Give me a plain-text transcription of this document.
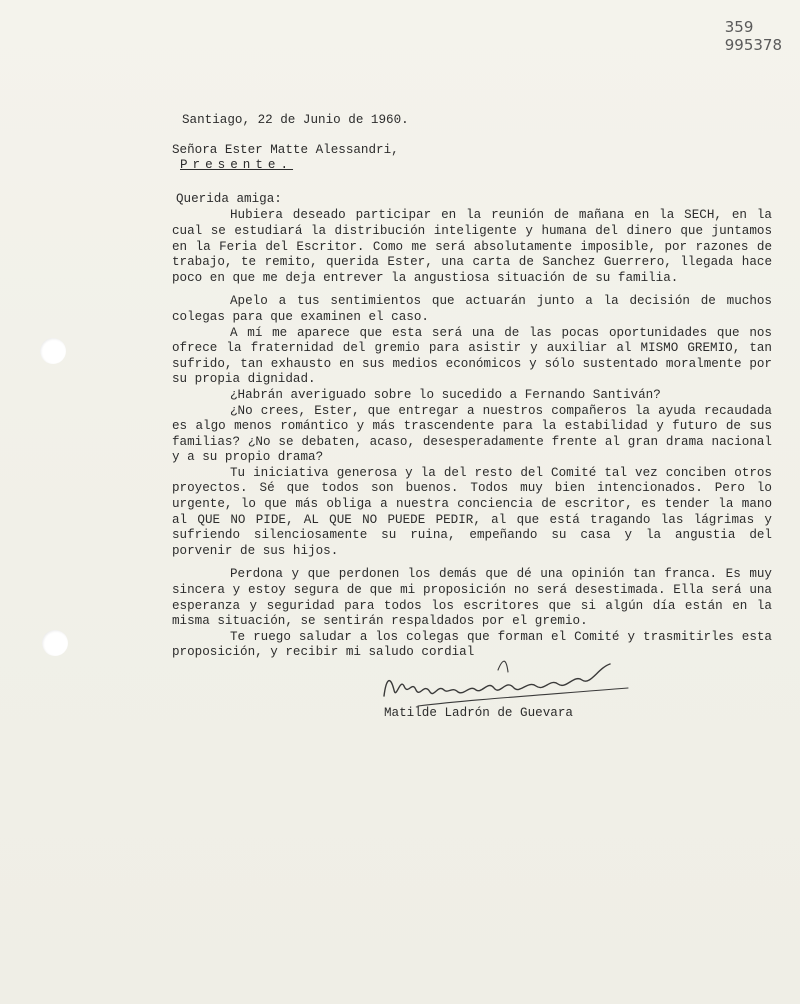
359
995378
Santiago, 22 de Junio de 1960.
Señora Ester Matte Alessandri,
Presente.
Querida amiga:

Hubiera deseado participar en la reunión de mañana en la SECH, en la cual se estudiará la distribución inteligente y humana del dinero que juntamos en la Feria del Escritor. Como me será absolutamente imposible, por razones de trabajo, te remito, querida Ester, una carta de Sanchez Guerrero, llegada hace poco en que me deja entrever la angustiosa situación de su familia.

Apelo a tus sentimientos que actuarán junto a la decisión de muchos colegas para que examinen el caso.

A mí me aparece que esta será una de las pocas oportunidades que nos ofrece la fraternidad del gremio para asistir y auxiliar al MISMO GREMIO, tan sufrido, tan exhausto en sus medios económicos y sólo sustentado moralmente por su propia dignidad.

¿Habrán averiguado sobre lo sucedido a Fernando Santiván?

¿No crees, Ester, que entregar a nuestros compañeros la ayuda recaudada es algo menos romántico y más trascendente para la estabilidad y futuro de sus familias? ¿No se debaten, acaso, desesperadamente frente al gran drama nacional y a su propio drama?

Tu iniciativa generosa y la del resto del Comité tal vez conciben otros proyectos. Sé que todos son buenos. Todos muy bien intencionados. Pero lo urgente, lo que más obliga a nuestra conciencia de escritor, es tender la mano al QUE NO PIDE, AL QUE NO PUEDE PEDIR, al que está tragando las lágrimas y sufriendo silenciosamente su ruina, empeñando su casa y la angustia del porvenir de sus hijos.

Perdona y que perdonen los demás que dé una opinión tan franca. Es muy sincera y estoy segura de que mi proposición no será desestimada. Ella será una esperanza y seguridad para todos los escritores que si algún día están en la misma situación, se sentirán respaldados por el gremio.

Te ruego saludar a los colegas que forman el Comité y trasmitirles esta proposición, y recibir mi saludo cordial

Matilde Ladrón de Guevara
